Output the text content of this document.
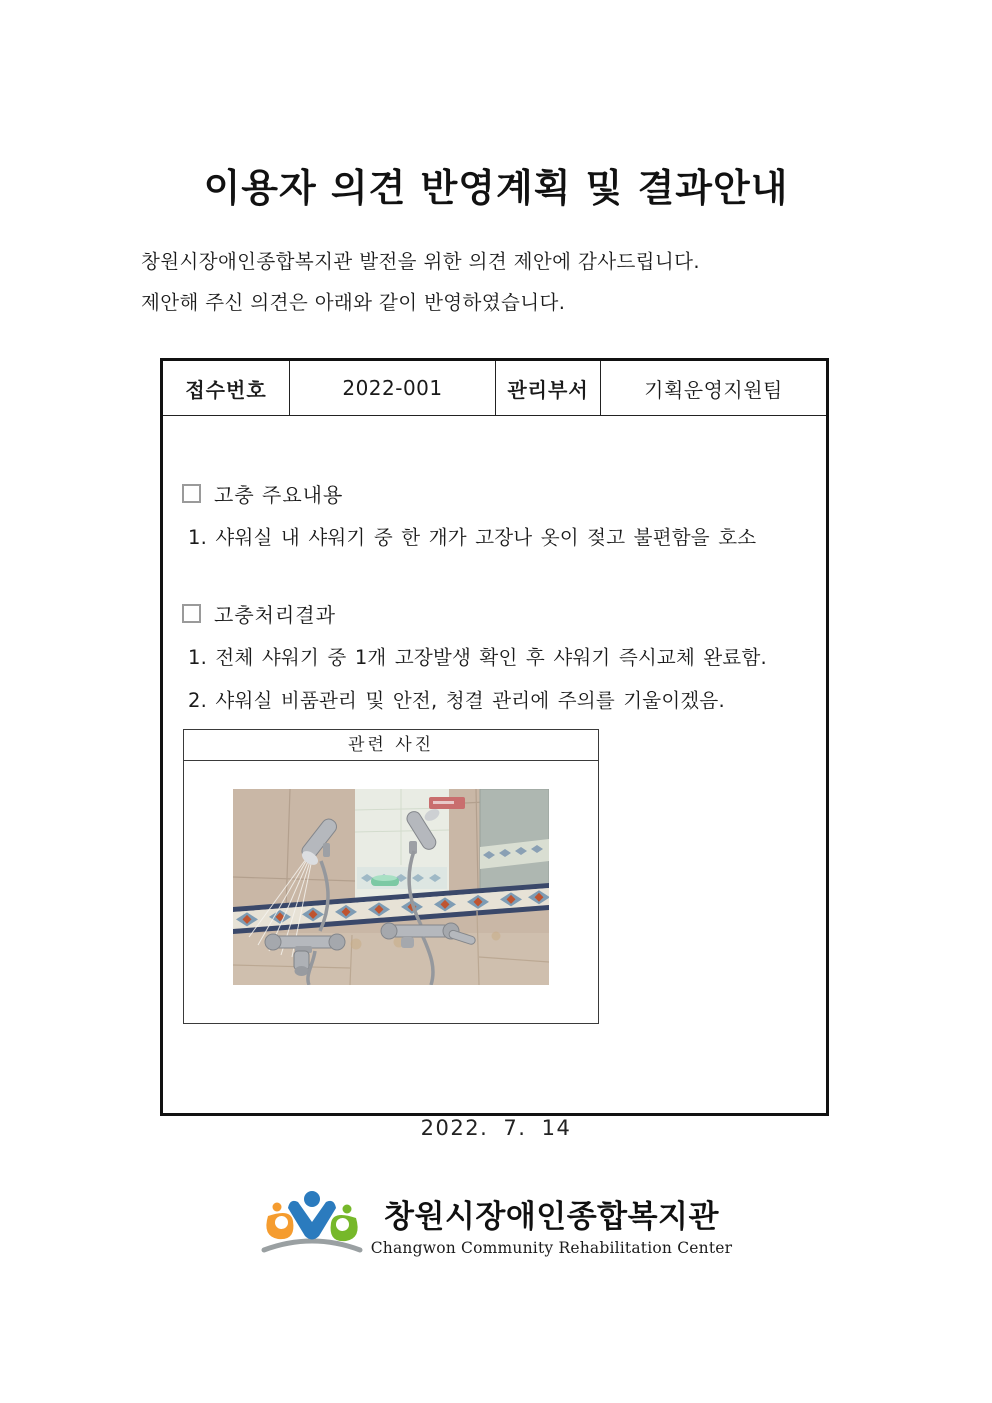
이용자 의견 반영계획 및 결과안내

창원시장애인종합복지관 발전을 위한 의견 제안에 감사드립니다.

제안해 주신 의견은 아래와 같이 반영하였습니다.

접수번호	2022-001	관리부서	기획운영지원팀

고충 주요내용

1. 샤워실 내 샤워기 중 한 개가 고장나 옷이 젖고 불편함을 호소

고충처리결과

1. 전체 샤워기 중 1개 고장발생 확인 후 샤워기 즉시교체 완료함.

2. 샤워실 비품관리 및 안전, 청결 관리에 주의를 기울이겠음.

관련 사진
2022. 7. 14
창원시장애인종합복지관
Changwon Community Rehabilitation Center
